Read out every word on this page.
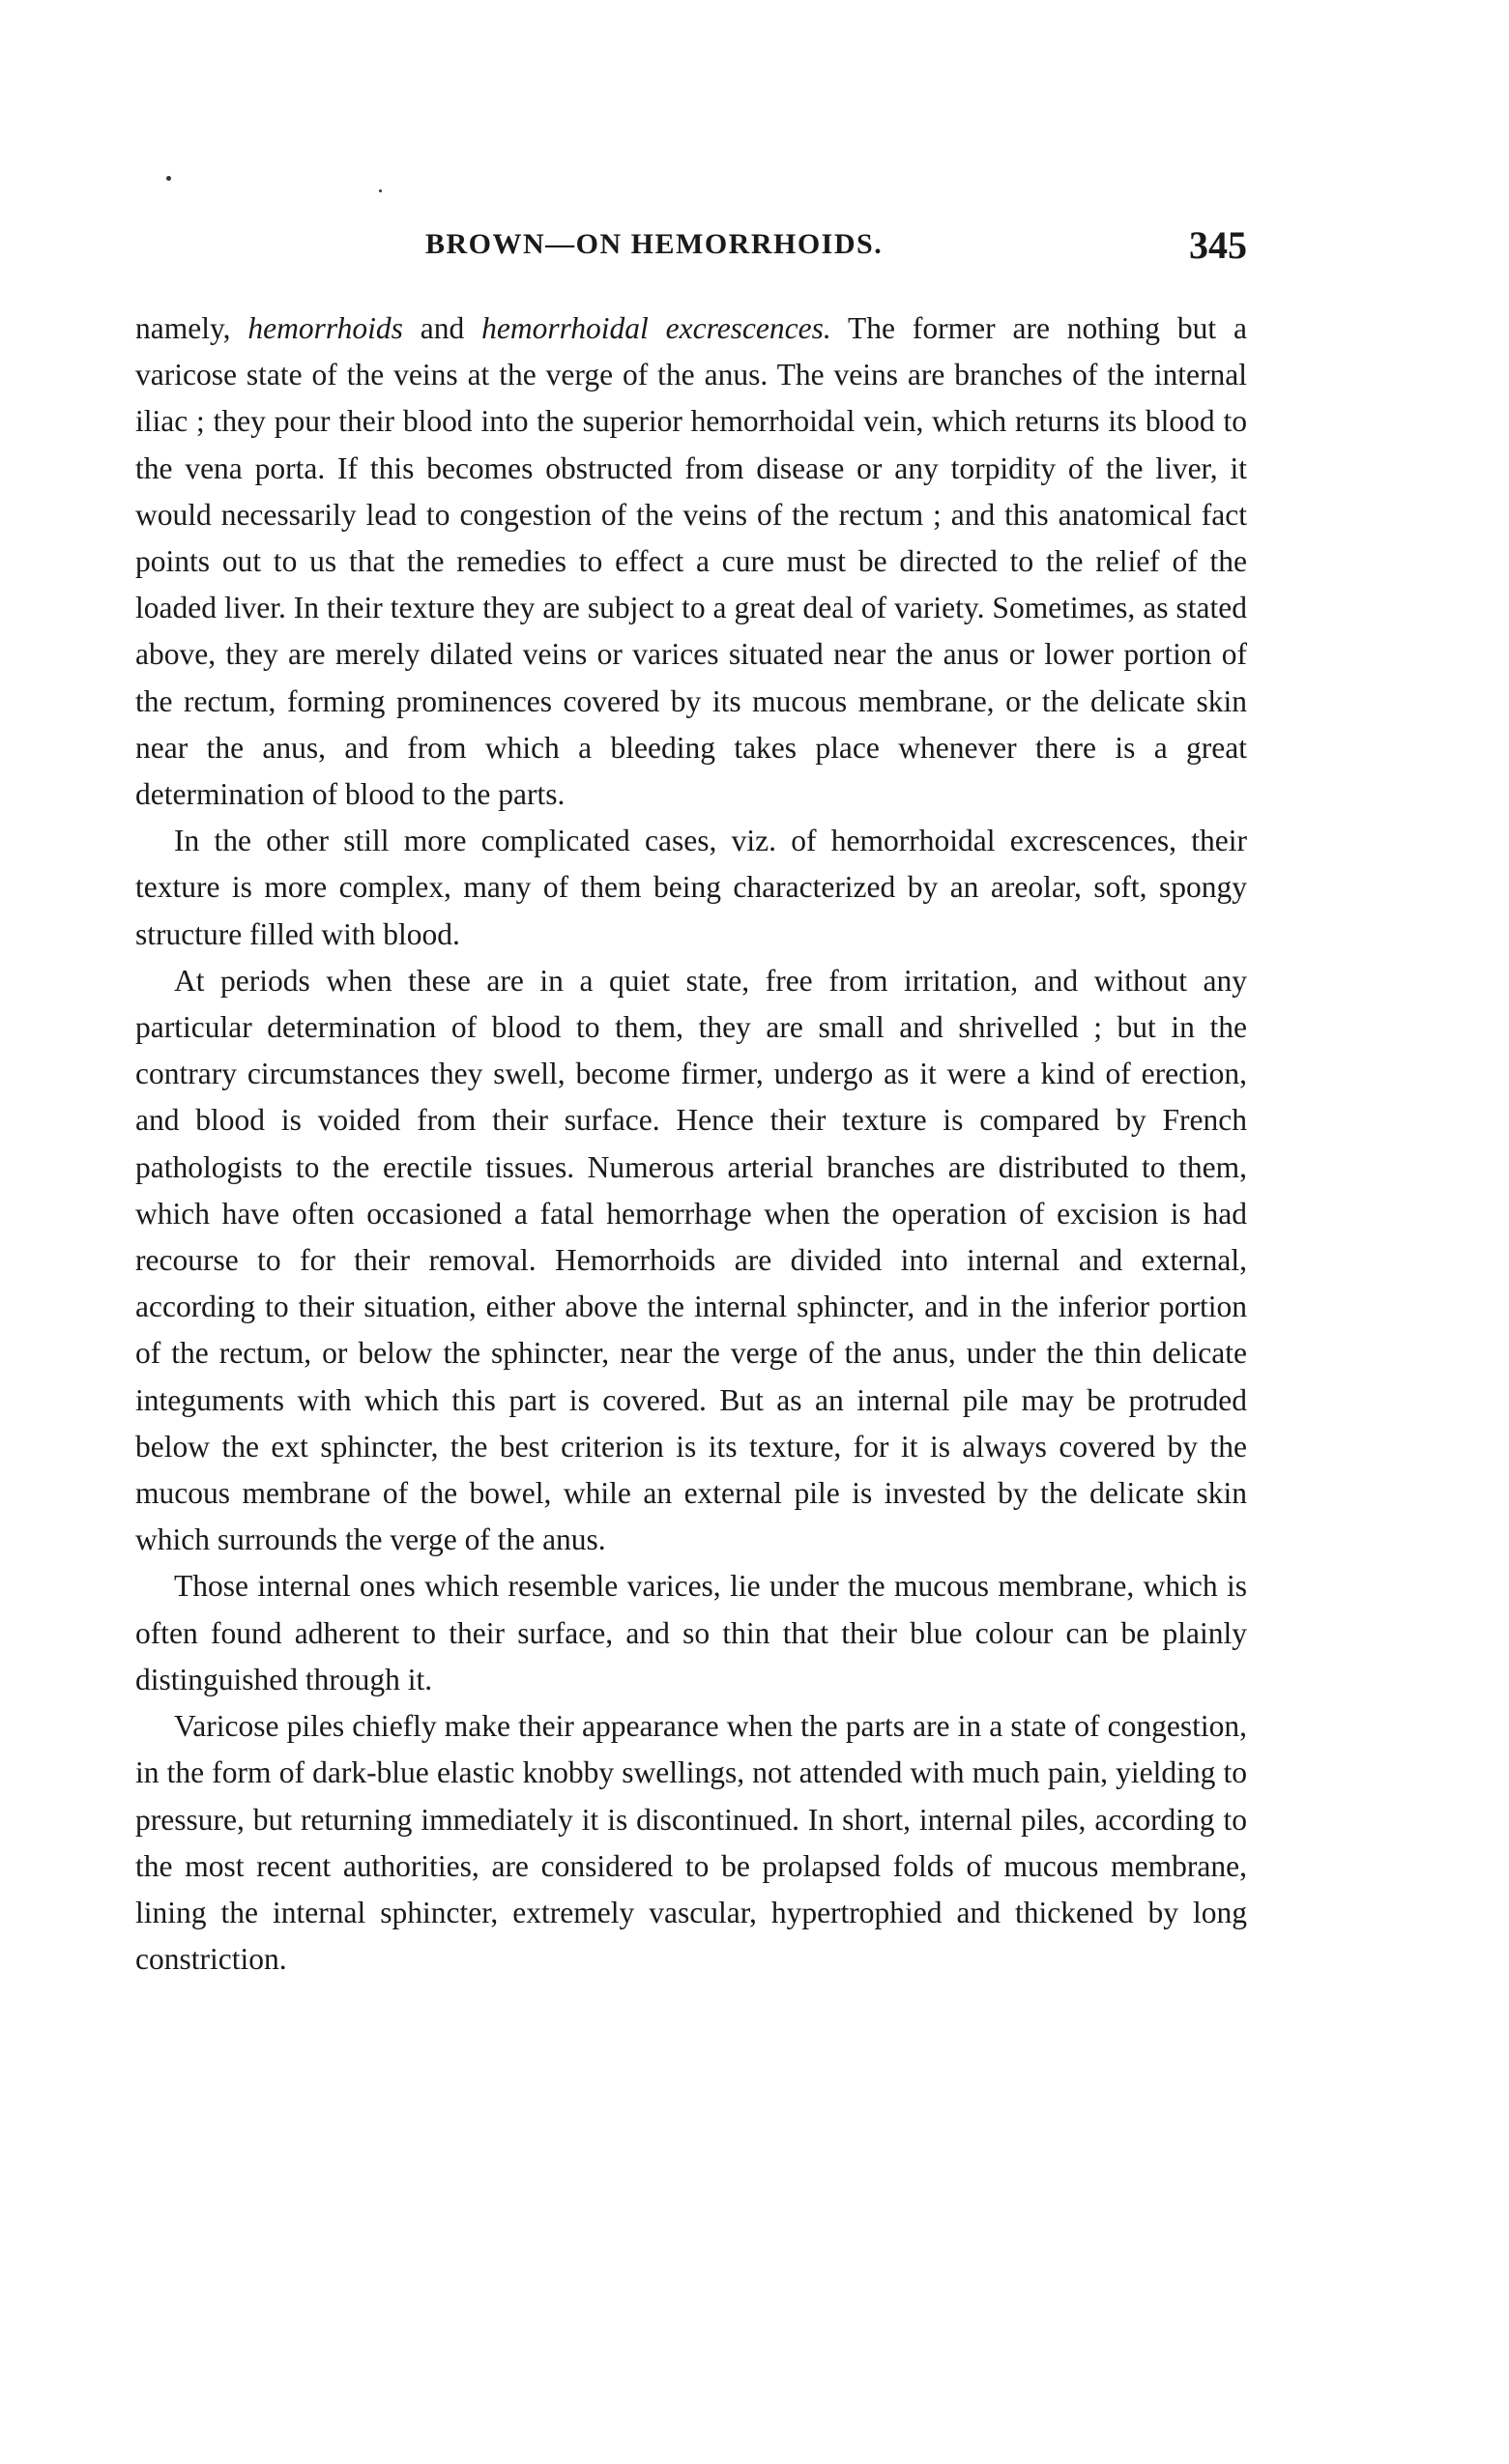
BROWN—ON HEMORRHOIDS.	345

namely, hemorrhoids and hemorrhoidal excrescences. The former are nothing but a varicose state of the veins at the verge of the anus. The veins are branches of the internal iliac ; they pour their blood into the superior hemorrhoidal vein, which returns its blood to the vena porta. If this becomes obstructed from disease or any torpidity of the liver, it would necessarily lead to congestion of the veins of the rectum ; and this anatomical fact points out to us that the remedies to effect a cure must be directed to the relief of the loaded liver. In their texture they are subject to a great deal of variety. Sometimes, as stated above, they are merely dilated veins or varices situated near the anus or lower portion of the rectum, forming prominences covered by its mucous membrane, or the delicate skin near the anus, and from which a bleeding takes place whenever there is a great determination of blood to the parts.

In the other still more complicated cases, viz. of hemorrhoidal excrescences, their texture is more complex, many of them being characterized by an areolar, soft, spongy structure filled with blood.

At periods when these are in a quiet state, free from irritation, and without any particular determination of blood to them, they are small and shrivelled ; but in the contrary circumstances they swell, become firmer, undergo as it were a kind of erection, and blood is voided from their surface. Hence their texture is compared by French pathologists to the erectile tissues. Numerous arterial branches are distributed to them, which have often occasioned a fatal hemorrhage when the operation of excision is had recourse to for their removal. Hemorrhoids are divided into internal and external, according to their situation, either above the internal sphincter, and in the inferior portion of the rectum, or below the sphincter, near the verge of the anus, under the thin delicate integuments with which this part is covered. But as an internal pile may be protruded below the ext sphincter, the best criterion is its texture, for it is always covered by the mucous membrane of the bowel, while an external pile is invested by the delicate skin which surrounds the verge of the anus.

Those internal ones which resemble varices, lie under the mucous membrane, which is often found adherent to their surface, and so thin that their blue colour can be plainly distinguished through it.

Varicose piles chiefly make their appearance when the parts are in a state of congestion, in the form of dark-blue elastic knobby swellings, not attended with much pain, yielding to pressure, but returning immediately it is discontinued. In short, internal piles, according to the most recent authorities, are considered to be prolapsed folds of mucous membrane, lining the internal sphincter, extremely vascular, hypertrophied and thickened by long constriction.
